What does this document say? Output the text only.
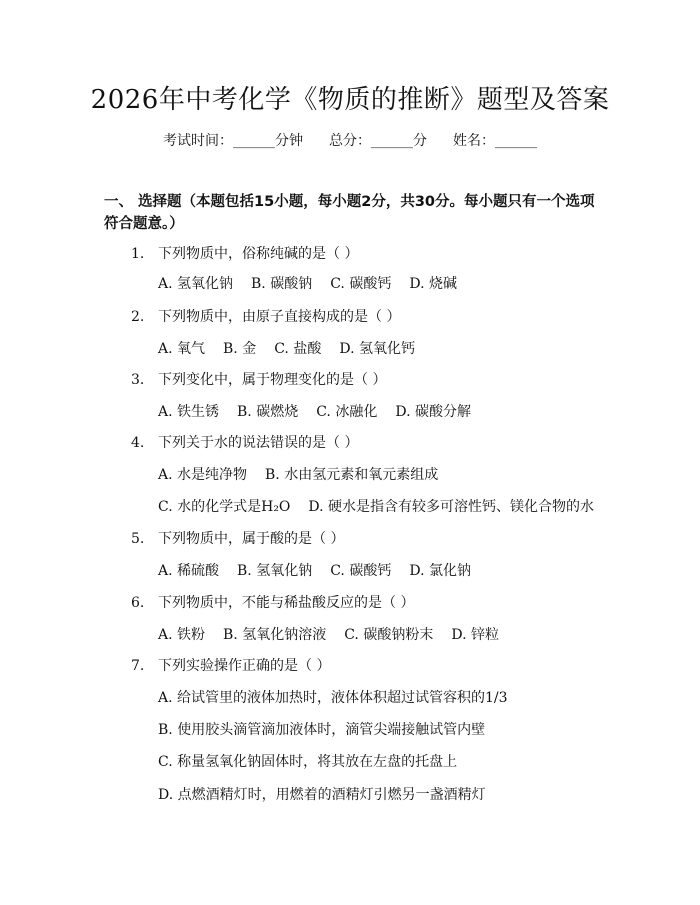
2026年中考化学《物质的推断》题型及答案
考试时间：______分钟 总分：______分 姓名：______
一、 选择题（本题包括15小题，每小题2分，共30分。每小题只有一个选项符合题意。）
1. 下列物质中，俗称纯碱的是（ ）
A. 氢氧化钠 B. 碳酸钠 C. 碳酸钙 D. 烧碱
2. 下列物质中，由原子直接构成的是（ ）
A. 氧气 B. 金 C. 盐酸 D. 氢氧化钙
3. 下列变化中，属于物理变化的是（ ）
A. 铁生锈 B. 碳燃烧 C. 冰融化 D. 碳酸分解
4. 下列关于水的说法错误的是（ ）
A. 水是纯净物 B. 水由氢元素和氧元素组成
C. 水的化学式是H₂O D. 硬水是指含有较多可溶性钙、镁化合物的水
5. 下列物质中，属于酸的是（ ）
A. 稀硫酸 B. 氢氧化钠 C. 碳酸钙 D. 氯化钠
6. 下列物质中，不能与稀盐酸反应的是（ ）
A. 铁粉 B. 氢氧化钠溶液 C. 碳酸钠粉末 D. 锌粒
7. 下列实验操作正确的是（ ）
A. 给试管里的液体加热时，液体体积超过试管容积的1/3
B. 使用胶头滴管滴加液体时，滴管尖端接触试管内壁
C. 称量氢氧化钠固体时，将其放在左盘的托盘上
D. 点燃酒精灯时，用燃着的酒精灯引燃另一盏酒精灯
